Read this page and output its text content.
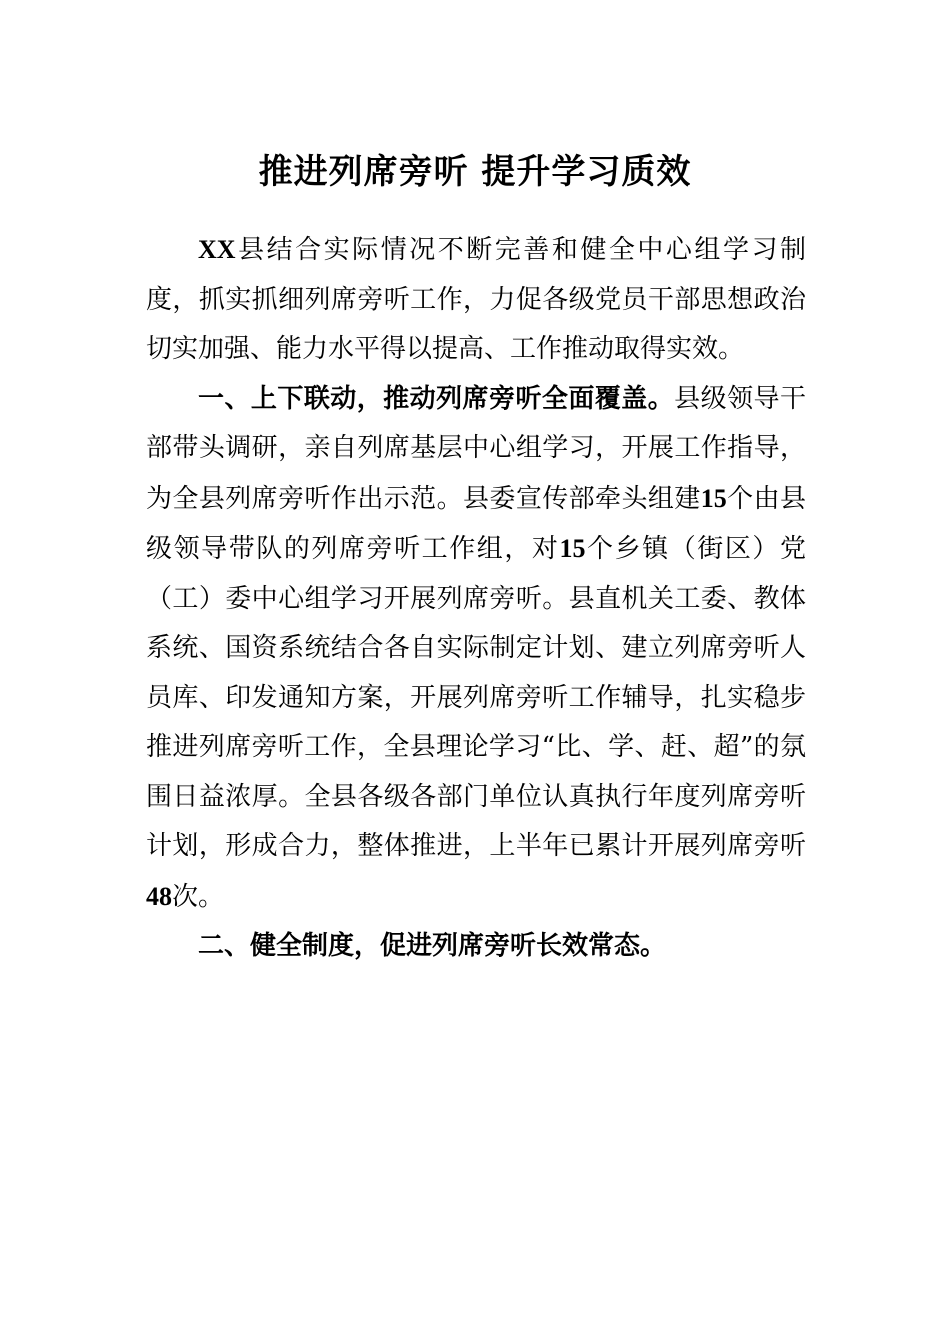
推进列席旁听 提升学习质效

XX县结合实际情况不断完善和健全中心组学习制度，抓实抓细列席旁听工作，力促各级党员干部思想政治切实加强、能力水平得以提高、工作推动取得实效。

一、上下联动，推动列席旁听全面覆盖。县级领导干部带头调研，亲自列席基层中心组学习，开展工作指导，为全县列席旁听作出示范。县委宣传部牵头组建15个由县级领导带队的列席旁听工作组，对15个乡镇（街区）党（工）委中心组学习开展列席旁听。县直机关工委、教体系统、国资系统结合各自实际制定计划、建立列席旁听人员库、印发通知方案，开展列席旁听工作辅导，扎实稳步推进列席旁听工作，全县理论学习“比、学、赶、超”的氛围日益浓厚。全县各级各部门单位认真执行年度列席旁听计划，形成合力，整体推进，上半年已累计开展列席旁听48次。

二、健全制度，促进列席旁听长效常态。
